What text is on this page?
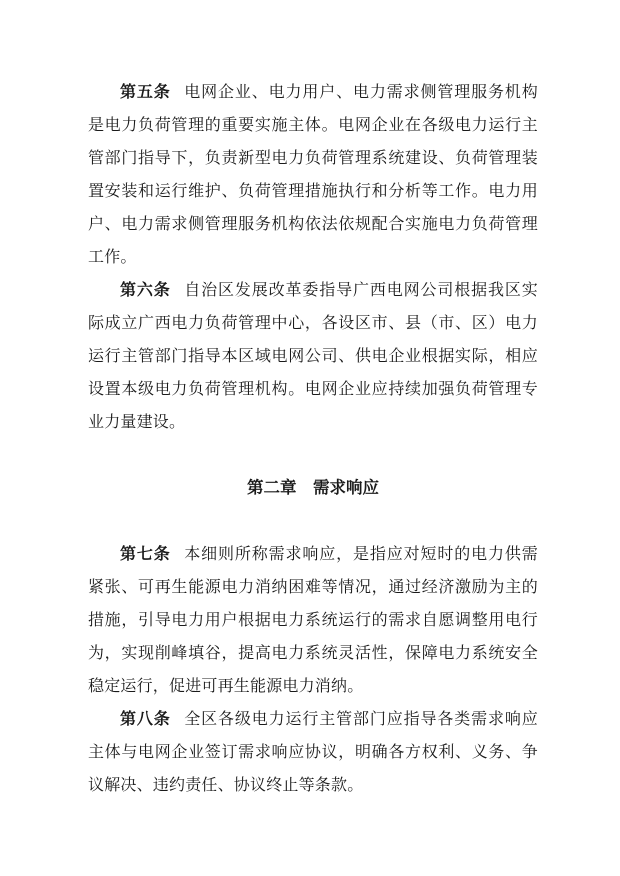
第五条 电网企业、电力用户、电力需求侧管理服务机构是电力负荷管理的重要实施主体。电网企业在各级电力运行主管部门指导下，负责新型电力负荷管理系统建设、负荷管理装置安装和运行维护、负荷管理措施执行和分析等工作。电力用户、电力需求侧管理服务机构依法依规配合实施电力负荷管理工作。

第六条 自治区发展改革委指导广西电网公司根据我区实际成立广西电力负荷管理中心，各设区市、县（市、区）电力运行主管部门指导本区域电网公司、供电企业根据实际，相应设置本级电力负荷管理机构。电网企业应持续加强负荷管理专业力量建设。

第二章　需求响应

第七条 本细则所称需求响应，是指应对短时的电力供需紧张、可再生能源电力消纳困难等情况，通过经济激励为主的措施，引导电力用户根据电力系统运行的需求自愿调整用电行为，实现削峰填谷，提高电力系统灵活性，保障电力系统安全稳定运行，促进可再生能源电力消纳。

第八条 全区各级电力运行主管部门应指导各类需求响应主体与电网企业签订需求响应协议，明确各方权利、义务、争议解决、违约责任、协议终止等条款。
